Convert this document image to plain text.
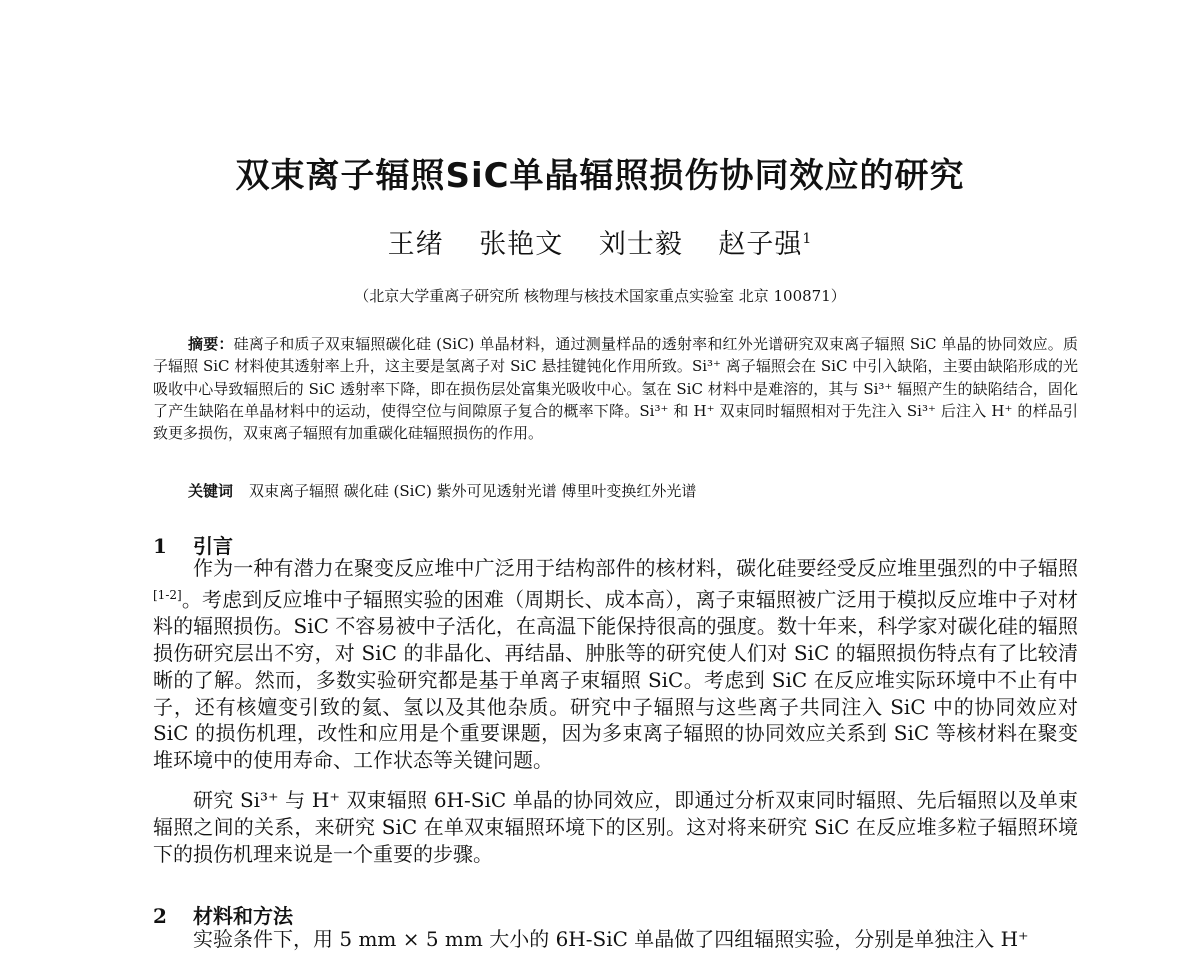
双束离子辐照SiC单晶辐照损伤协同效应的研究
王绪 张艳文 刘士毅 赵子强$^1$
（北京大学重离子研究所 核物理与核技术国家重点实验室 北京 100871）

摘要：硅离子和质子双束辐照碳化硅 (SiC) 单晶材料，通过测量样品的透射率和红外光谱研究双束离子辐照 SiC 单晶的协同效应。质子辐照 SiC 材料使其透射率上升，这主要是氢离子对 SiC 悬挂键钝化作用所致。Si³⁺ 离子辐照会在 SiC 中引入缺陷，主要由缺陷形成的光吸收中心导致辐照后的 SiC 透射率下降，即在损伤层处富集光吸收中心。氢在 SiC 材料中是难溶的，其与 Si³⁺ 辐照产生的缺陷结合，固化了产生缺陷在单晶材料中的运动，使得空位与间隙原子复合的概率下降。Si³⁺ 和 H⁺ 双束同时辐照相对于先注入 Si³⁺ 后注入 H⁺ 的样品引致更多损伤，双束离子辐照有加重碳化硅辐照损伤的作用。

关键词 双束离子辐照 碳化硅 (SiC) 紫外可见透射光谱 傅里叶变换红外光谱
1 引言

作为一种有潜力在聚变反应堆中广泛用于结构部件的核材料，碳化硅要经受反应堆里强烈的中子辐照[1-2]。考虑到反应堆中子辐照实验的困难（周期长、成本高），离子束辐照被广泛用于模拟反应堆中子对材料的辐照损伤。SiC 不容易被中子活化，在高温下能保持很高的强度。数十年来，科学家对碳化硅的辐照损伤研究层出不穷，对 SiC 的非晶化、再结晶、肿胀等的研究使人们对 SiC 的辐照损伤特点有了比较清晰的了解。然而，多数实验研究都是基于单离子束辐照 SiC。考虑到 SiC 在反应堆实际环境中不止有中子，还有核嬗变引致的氦、氢以及其他杂质。研究中子辐照与这些离子共同注入 SiC 中的协同效应对 SiC 的损伤机理，改性和应用是个重要课题，因为多束离子辐照的协同效应关系到 SiC 等核材料在聚变堆环境中的使用寿命、工作状态等关键问题。

研究 Si³⁺ 与 H⁺ 双束辐照 6H-SiC 单晶的协同效应，即通过分析双束同时辐照、先后辐照以及单束辐照之间的关系，来研究 SiC 在单双束辐照环境下的区别。这对将来研究 SiC 在反应堆多粒子辐照环境下的损伤机理来说是一个重要的步骤。

2 材料和方法

实验条件下，用 5 mm × 5 mm 大小的 6H-SiC 单晶做了四组辐照实验，分别是单独注入 H⁺
